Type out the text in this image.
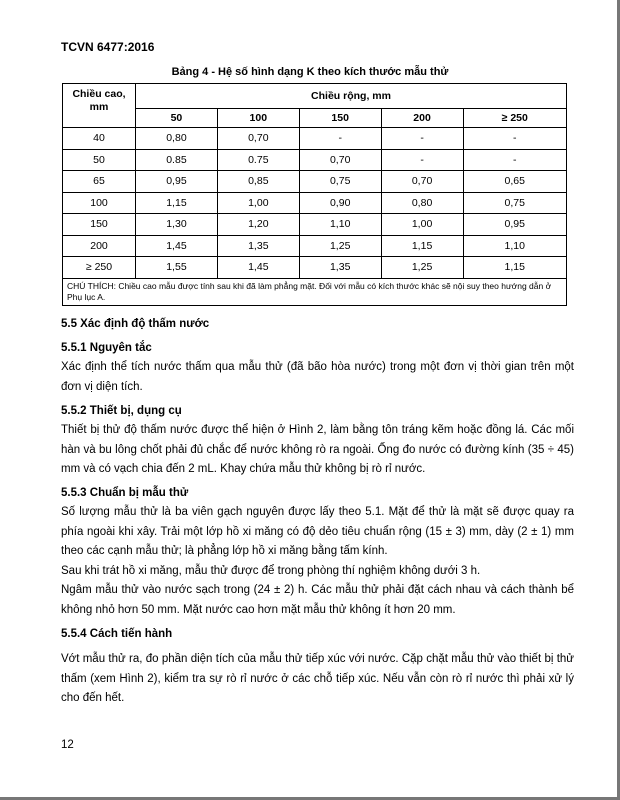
TCVN 6477:2016
Bảng 4 - Hệ số hình dạng K theo kích thước mẫu thử
Chiều cao, mm	Chiều rộng, mm				
	50	100	150	200	≥ 250
40	0,80	0,70	-	-	-
50	0.85	0.75	0,70	-	-
65	0,95	0,85	0,75	0,70	0,65
100	1,15	1,00	0,90	0,80	0,75
150	1,30	1,20	1,10	1,00	0,95
200	1,45	1,35	1,25	1,15	1,10
≥ 250	1,55	1,45	1,35	1,25	1,15
CHÚ THÍCH: Chiều cao mẫu được tính sau khi đã làm phẳng mặt. Đối với mẫu có kích thước khác sẽ nội suy theo hướng dẫn ở Phụ lục A.					
5.5 Xác định độ thấm nước
5.5.1 Nguyên tắc
Xác định thể tích nước thấm qua mẫu thử (đã bão hòa nước) trong một đơn vị thời gian trên một đơn vị diện tích.
5.5.2 Thiết bị, dụng cụ
Thiết bị thử độ thấm nước được thể hiện ở Hình 2, làm bằng tôn tráng kẽm hoặc đồng lá. Các mối hàn và bu lông chốt phải đủ chắc để nước không rò ra ngoài. Ống đo nước có đường kính (35 ÷ 45) mm và có vạch chia đến 2 mL. Khay chứa mẫu thử không bị rò rỉ nước.
5.5.3 Chuẩn bị mẫu thử
Số lượng mẫu thử là ba viên gạch nguyên được lấy theo 5.1. Mặt để thử là mặt sẽ được quay ra phía ngoài khi xây. Trải một lớp hồ xi măng có độ dẻo tiêu chuẩn rộng (15 ± 3) mm, dày (2 ± 1) mm theo các cạnh mẫu thử; là phẳng lớp hồ xi măng bằng tấm kính.
Sau khi trát hồ xi măng, mẫu thử được để trong phòng thí nghiệm không dưới 3 h.
Ngâm mẫu thử vào nước sạch trong (24 ± 2) h. Các mẫu thử phải đặt cách nhau và cách thành bể không nhỏ hơn 50 mm. Mặt nước cao hơn mặt mẫu thử không ít hơn 20 mm.
5.5.4 Cách tiến hành
Vớt mẫu thử ra, đo phần diện tích của mẫu thử tiếp xúc với nước. Cặp chặt mẫu thử vào thiết bị thử thấm (xem Hình 2), kiểm tra sự rò rỉ nước ở các chỗ tiếp xúc. Nếu vẫn còn rò rỉ nước thì phải xử lý cho đến hết.
12
